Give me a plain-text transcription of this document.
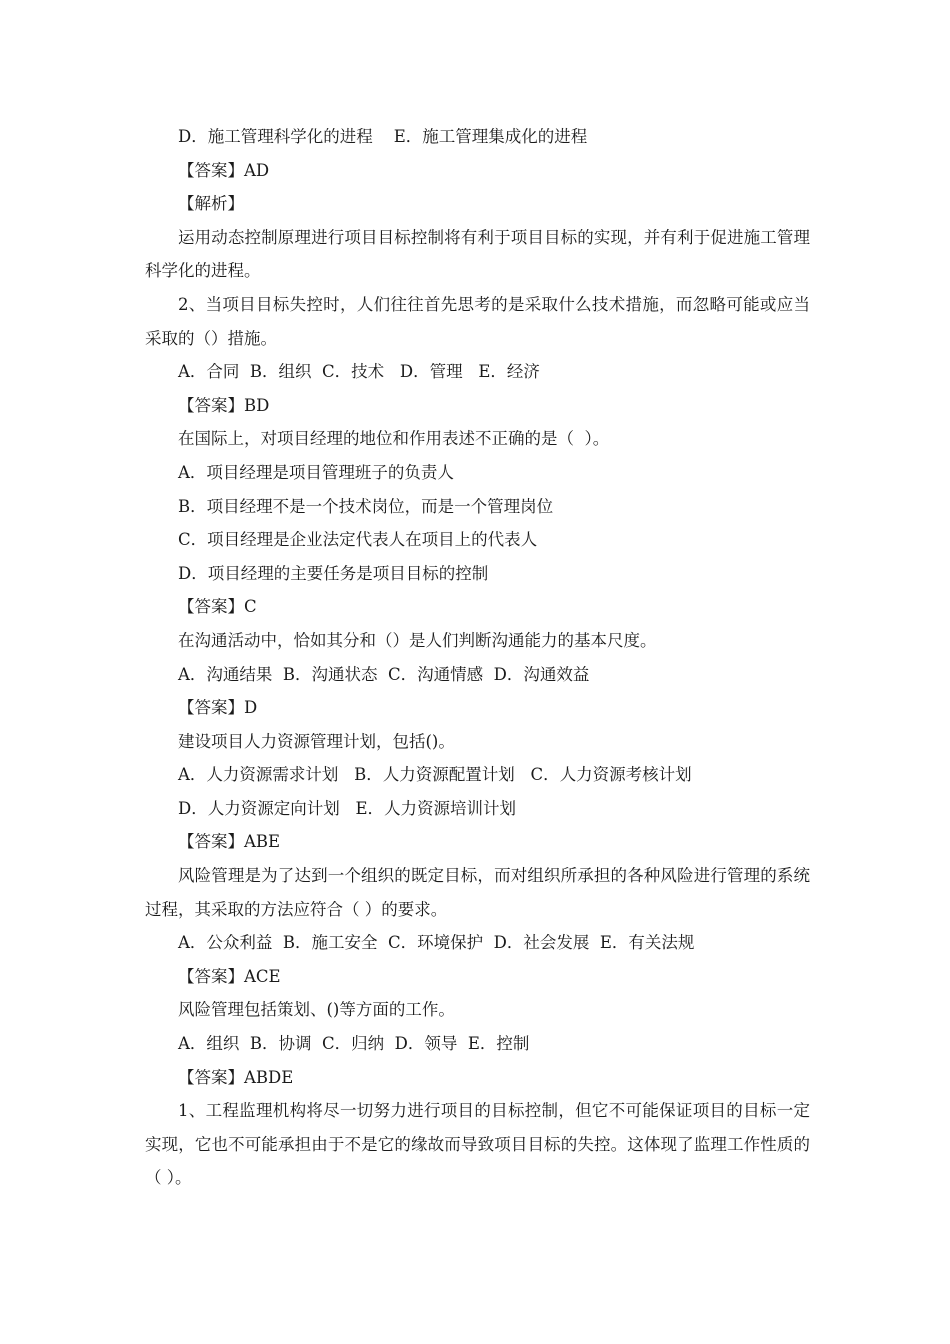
D．施工管理科学化的进程    E．施工管理集成化的进程

【答案】AD

【解析】

运用动态控制原理进行项目目标控制将有利于项目目标的实现，并有利于促进施工管理科学化的进程。

2、当项目目标失控时，人们往往首先思考的是采取什么技术措施，而忽略可能或应当采取的（）措施。

A．合同  B．组织  C．技术   D．管理   E．经济

【答案】BD

在国际上，对项目经理的地位和作用表述不正确的是（  ）。

A．项目经理是项目管理班子的负责人

B．项目经理不是一个技术岗位，而是一个管理岗位

C．项目经理是企业法定代表人在项目上的代表人

D．项目经理的主要任务是项目目标的控制

【答案】C

在沟通活动中，恰如其分和（）是人们判断沟通能力的基本尺度。

A．沟通结果  B．沟通状态  C．沟通情感  D．沟通效益

【答案】D

建设项目人力资源管理计划，包括()。

A．人力资源需求计划   B．人力资源配置计划   C．人力资源考核计划

D．人力资源定向计划   E．人力资源培训计划

【答案】ABE

风险管理是为了达到一个组织的既定目标，而对组织所承担的各种风险进行管理的系统过程，其采取的方法应符合（ ）的要求。

A．公众利益  B．施工安全  C．环境保护  D．社会发展  E．有关法规

【答案】ACE

风险管理包括策划、()等方面的工作。

A．组织  B．协调  C．归纳  D．领导  E．控制

【答案】ABDE

1、工程监理机构将尽一切努力进行项目的目标控制，但它不可能保证项目的目标一定实现，它也不可能承担由于不是它的缘故而导致项目目标的失控。这体现了监理工作性质的（ ）。
